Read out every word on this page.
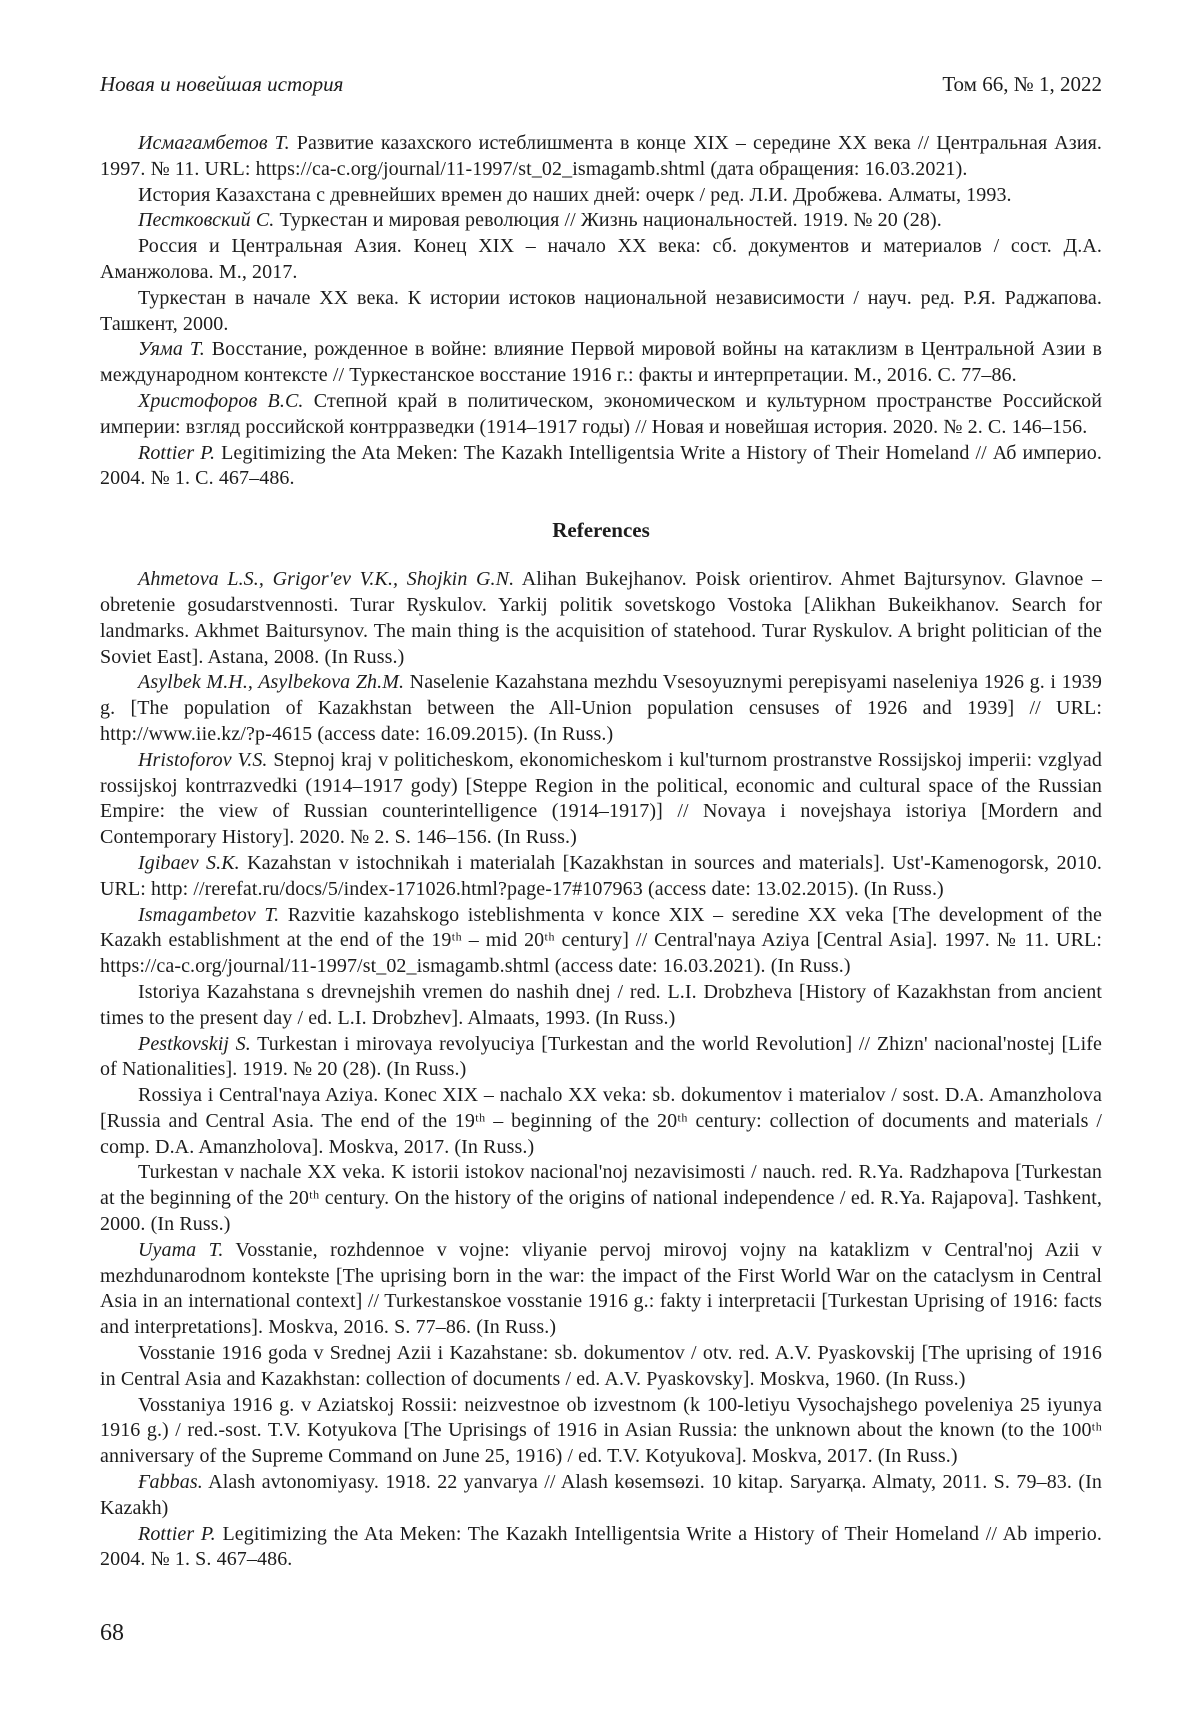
Новая и новейшая история	Том 66, № 1, 2022

Исмагамбетов Т. Развитие казахского истеблишмента в конце XIX – середине XX века // Центральная Азия. 1997. № 11. URL: https://ca-c.org/journal/11-1997/st_02_ismagamb.shtml (дата обращения: 16.03.2021).

История Казахстана с древнейших времен до наших дней: очерк / ред. Л.И. Дробжева. Алматы, 1993.

Пестковский С. Туркестан и мировая революция // Жизнь национальностей. 1919. № 20 (28).

Россия и Центральная Азия. Конец XIX – начало XX века: сб. документов и материалов / сост. Д.А. Аманжолова. М., 2017.

Туркестан в начале XX века. К истории истоков национальной независимости / науч. ред. Р.Я. Раджапова. Ташкент, 2000.

Уяма Т. Восстание, рожденное в войне: влияние Первой мировой войны на катаклизм в Центральной Азии в международном контексте // Туркестанское восстание 1916 г.: факты и интерпретации. М., 2016. С. 77–86.

Христофоров В.С. Степной край в политическом, экономическом и культурном пространстве Российской империи: взгляд российской контрразведки (1914–1917 годы) // Новая и новейшая история. 2020. № 2. С. 146–156.

Rottier P. Legitimizing the Ata Meken: The Kazakh Intelligentsia Write a History of Their Homeland // Аб империо. 2004. № 1. С. 467–486.

References

Ahmetova L.S., Grigor'ev V.K., Shojkin G.N. Alihan Bukejhanov. Poisk orientirov. Ahmet Bajtursynov. Glavnoe – obretenie gosudarstvennosti. Turar Ryskulov. Yarkij politik sovetskogo Vostoka [Alikhan Bukeikhanov. Search for landmarks. Akhmet Baitursynov. The main thing is the acquisition of statehood. Turar Ryskulov. A bright politician of the Soviet East]. Astana, 2008. (In Russ.)

Asylbek M.H., Asylbekova Zh.M. Naselenie Kazahstana mezhdu Vsesoyuznymi perepisyami naseleniya 1926 g. i 1939 g. [The population of Kazakhstan between the All-Union population censuses of 1926 and 1939] // URL: http://www.iie.kz/?p-4615 (access date: 16.09.2015). (In Russ.)

Hristoforov V.S. Stepnoj kraj v politicheskom, ekonomicheskom i kul'turnom prostranstve Rossijskoj imperii: vzglyad rossijskoj kontrrazvedki (1914–1917 gody) [Steppe Region in the political, economic and cultural space of the Russian Empire: the view of Russian counterintelligence (1914–1917)] // Novaya i novejshaya istoriya [Mordern and Contemporary History]. 2020. № 2. S. 146–156. (In Russ.)

Igibaev S.K. Kazahstan v istochnikah i materialah [Kazakhstan in sources and materials]. Ust'-Kamenogorsk, 2010. URL: http: //rerefat.ru/docs/5/index-171026.html?page-17#107963 (access date: 13.02.2015). (In Russ.)

Ismagambetov T. Razvitie kazahskogo isteblishmenta v konce XIX – seredine XX veka [The development of the Kazakh establishment at the end of the 19ᵗʰ – mid 20ᵗʰ century] // Central'naya Aziya [Central Asia]. 1997. № 11. URL: https://ca-c.org/journal/11-1997/st_02_ismagamb.shtml (access date: 16.03.2021). (In Russ.)

Istoriya Kazahstana s drevnejshih vremen do nashih dnej / red. L.I. Drobzheva [History of Kazakhstan from ancient times to the present day / ed. L.I. Drobzhev]. Almaats, 1993. (In Russ.)

Pestkovskij S. Turkestan i mirovaya revolyuciya [Turkestan and the world Revolution] // Zhizn' nacional'nostej [Life of Nationalities]. 1919. № 20 (28). (In Russ.)

Rossiya i Central'naya Aziya. Konec XIX – nachalo XX veka: sb. dokumentov i materialov / sost. D.A. Amanzholova [Russia and Central Asia. The end of the 19ᵗʰ – beginning of the 20ᵗʰ century: collection of documents and materials / comp. D.A. Amanzholova]. Moskva, 2017. (In Russ.)

Turkestan v nachale XX veka. K istorii istokov nacional'noj nezavisimosti / nauch. red. R.Ya. Radzhapova [Turkestan at the beginning of the 20ᵗʰ century. On the history of the origins of national independence / ed. R.Ya. Rajapova]. Tashkent, 2000. (In Russ.)

Uyama T. Vosstanie, rozhdennoe v vojne: vliyanie pervoj mirovoj vojny na kataklizm v Central'noj Azii v mezhdunarodnom kontekste [The uprising born in the war: the impact of the First World War on the cataclysm in Central Asia in an international context] // Turkestanskoe vosstanie 1916 g.: fakty i interpretacii [Turkestan Uprising of 1916: facts and interpretations]. Moskva, 2016. S. 77–86. (In Russ.)

Vosstanie 1916 goda v Srednej Azii i Kazahstane: sb. dokumentov / otv. red. A.V. Pyaskovskij [The uprising of 1916 in Central Asia and Kazakhstan: collection of documents / ed. A.V. Pyaskovsky]. Moskva, 1960. (In Russ.)

Vosstaniya 1916 g. v Aziatskoj Rossii: neizvestnoe ob izvestnom (k 100-letiyu Vysochajshego poveleniya 25 iyunya 1916 g.) / red.-sost. T.V. Kotyukova [The Uprisings of 1916 in Asian Russia: the unknown about the known (to the 100ᵗʰ anniversary of the Supreme Command on June 25, 1916) / ed. T.V. Kotyukova]. Moskva, 2017. (In Russ.)

Ғabbas. Alash avtonomiyasy. 1918. 22 yanvarya // Alash kөsemsөzi. 10 kitap. Saryarқa. Almaty, 2011. S. 79–83. (In Kazakh)

Rottier P. Legitimizing the Ata Meken: The Kazakh Intelligentsia Write a History of Their Homeland // Ab imperio. 2004. № 1. S. 467–486.

68
